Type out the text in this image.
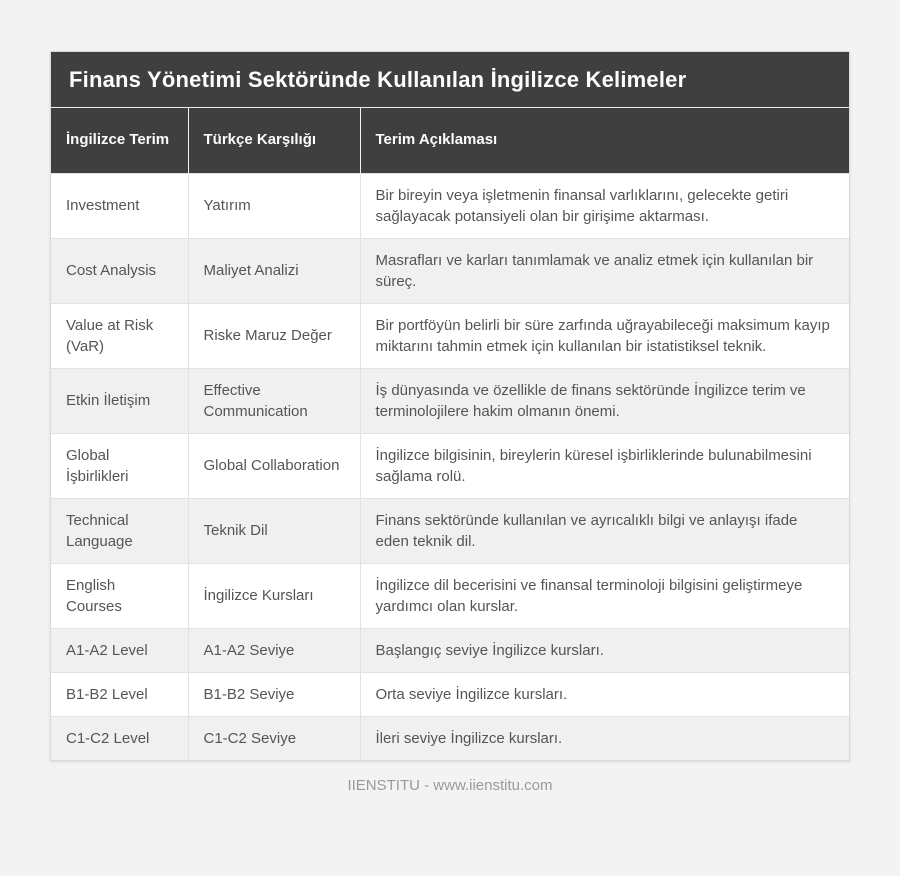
Finans Yönetimi Sektöründe Kullanılan İngilizce Kelimeler
İngilizce Terim	Türkçe Karşılığı	Terim Açıklaması
Investment	Yatırım	Bir bireyin veya işletmenin finansal varlıklarını, gelecekte getiri sağlayacak potansiyeli olan bir girişime aktarması.
Cost Analysis	Maliyet Analizi	Masrafları ve karları tanımlamak ve analiz etmek için kullanılan bir süreç.
Value at Risk (VaR)	Riske Maruz Değer	Bir portföyün belirli bir süre zarfında uğrayabileceği maksimum kayıp miktarını tahmin etmek için kullanılan bir istatistiksel teknik.
Etkin İletişim	Effective Communication	İş dünyasında ve özellikle de finans sektöründe İngilizce terim ve terminolojilere hakim olmanın önemi.
Global İşbirlikleri	Global Collaboration	İngilizce bilgisinin, bireylerin küresel işbirliklerinde bulunabilmesini sağlama rolü.
Technical Language	Teknik Dil	Finans sektöründe kullanılan ve ayrıcalıklı bilgi ve anlayışı ifade eden teknik dil.
English Courses	İngilizce Kursları	İngilizce dil becerisini ve finansal terminoloji bilgisini geliştirmeye yardımcı olan kurslar.
A1-A2 Level	A1-A2 Seviye	Başlangıç seviye İngilizce kursları.
B1-B2 Level	B1-B2 Seviye	Orta seviye İngilizce kursları.
C1-C2 Level	C1-C2 Seviye	İleri seviye İngilizce kursları.
IIENSTITU - www.iienstitu.com
